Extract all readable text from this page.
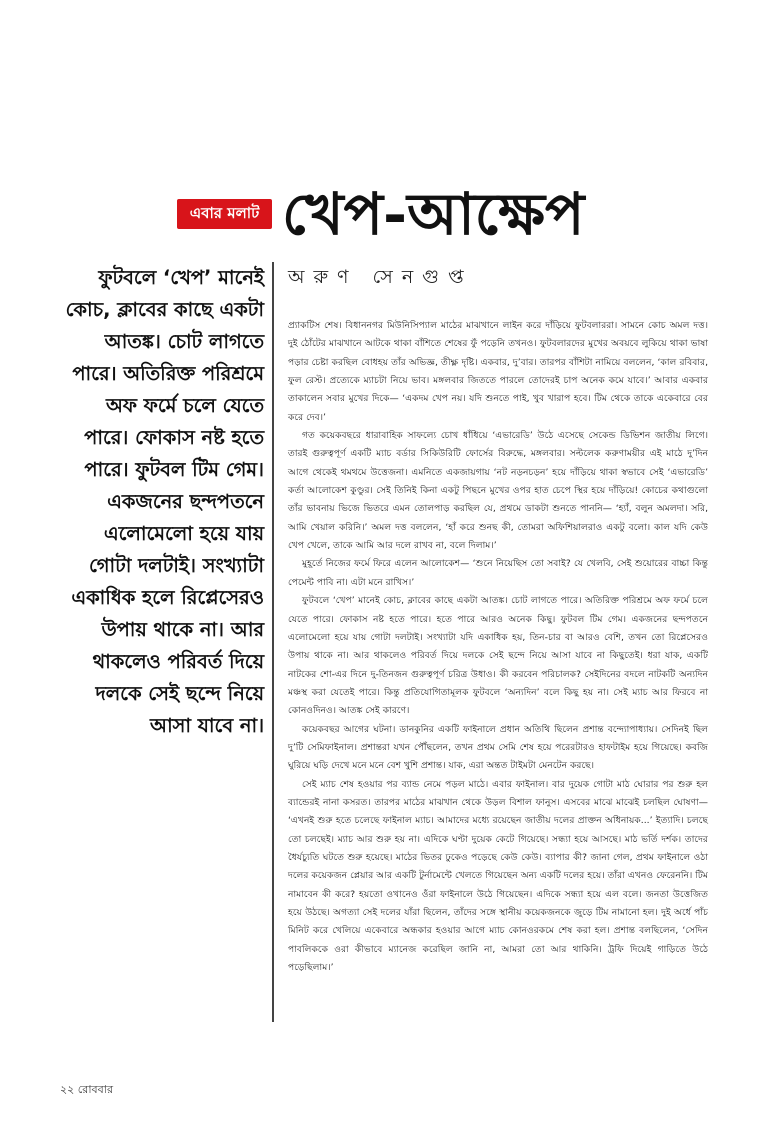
এবার মলাট খেপ-আক্ষেপ
অরুণ সেনগুপ্ত
ফুটবলে ‘খেপ’ মানেই কোচ, ক্লাবের কাছে একটা আতঙ্ক। চোট লাগতে পারে। অতিরিক্ত পরিশ্রমে অফ ফর্মে চলে যেতে পারে। ফোকাস নষ্ট হতে পারে। ফুটবল টিম গেম। একজনের ছন্দপতনে এলোমেলো হয়ে যায় গোটা দলটাই। সংখ্যাটা একাধিক হলে রিপ্লেসেরও উপায় থাকে না। আর থাকলেও পরিবর্ত দিয়ে দলকে সেই ছন্দে নিয়ে আসা যাবে না।

প্র্যাকটিস শেষ। বিধাননগর মিউনিসিপ্যাল মাঠের মাঝখানে লাইন করে দাঁড়িয়ে ফুটবলাররা। সামনে কোচ অমল দত্ত। দুই ঠোঁটের মাঝখানে আটকে থাকা বাঁশিতে শেষের ফুঁ পড়েনি তখনও। ফুটবলারদের মুখের অবয়বে লুকিয়ে থাকা ভাষা পড়ার চেষ্টা করছিল বোধহয় তাঁর অভিজ্ঞ, তীক্ষ্ণ দৃষ্টি। একবার, দু’বার। তারপর বাঁশিটা নামিয়ে বললেন, ‘কাল রবিবার, ফুল রেস্ট। প্রত্যেকে ম্যাচটা নিয়ে ভাব। মঙ্গলবার জিততে পারলে তোদেরই চাপ অনেক কমে যাবে।’ আবার একবার তাকালেন সবার মুখের দিকে— ‘একদম খেপ নয়। যদি শুনতে পাই, খুব খারাপ হবে। টিম থেকে তাকে একেবারে বের করে দেব।’

গত কয়েকবছরে ধারাবাহিক সাফল্যে চোখ ধাঁধিয়ে ‘এভারেডি’ উঠে এসেছে সেকেন্ড ডিভিশন জাতীয় লিগে। তারই গুরুত্বপূর্ণ একটি ম্যাচ বর্ডার সিকিউরিটি ফোর্সের বিরুদ্ধে, মঙ্গলবার। সল্টলেক করুণাময়ীর এই মাঠে দু’দিন আগে থেকেই থমথমে উত্তেজনা। এমনিতে একজায়গায় ‘নট নড়নচড়ন’ হয়ে দাঁড়িয়ে থাকা স্বভাবে সেই ‘এভারেডি’ কর্তা আলোকেশ কুণ্ডুর। সেই তিনিই কিনা একটু পিছনে মুখের ওপর হাত চেপে স্থির হয়ে দাঁড়িয়ে! কোচের কথাগুলো তাঁর ভাবনায় ভিজে ভিতরে এমন তোলপাড় করছিল যে, প্রথমে ডাকটা শুনতে পাননি— ‘হ্যাঁ, বলুন অমলদা। সরি, আমি খেয়াল করিনি।’ অমল দত্ত বললেন, ‘হাঁ করে শুনছ কী, তোমরা অফিশিয়ালরাও একটু বলো। কাল যদি কেউ খেপ খেলে, তাকে আমি আর দলে রাখব না, বলে দিলাম।’

মুহূর্তে নিজের ফর্মে ফিরে এলেন আলোকেশ— ‘শুনে নিয়েছিস তো সবাই? যে খেলবি, সেই শুয়োরের বাচ্চা কিন্তু পেমেন্ট পাবি না। এটা মনে রাখিস।’

ফুটবলে ‘খেপ’ মানেই কোচ, ক্লাবের কাছে একটা আতঙ্ক। চোট লাগতে পারে। অতিরিক্ত পরিশ্রমে অফ ফর্মে চলে যেতে পারে। ফোকাস নষ্ট হতে পারে। হতে পারে আরও অনেক কিছু। ফুটবল টিম গেম। একজনের ছন্দপতনে এলোমেলো হয়ে যায় গোটা দলটাই। সংখ্যাটা যদি একাধিক হয়, তিন-চার বা আরও বেশি, তখন তো রিপ্লেসেরও উপায় থাকে না। আর থাকলেও পরিবর্ত দিয়ে দলকে সেই ছন্দে নিয়ে আসা যাবে না কিছুতেই। ধরা যাক, একটি নাটকের শো-এর দিনে দু-তিনজন গুরুত্বপূর্ণ চরিত্র উধাও। কী করবেন পরিচালক? সেইদিনের বদলে নাটকটি অন্যদিন মঞ্চস্থ করা যেতেই পারে। কিন্তু প্রতিযোগিতামূলক ফুটবলে ‘অন্যদিন’ বলে কিছু হয় না। সেই ম্যাচ আর ফিরবে না কোনওদিনও। আতঙ্ক সেই কারণে।

কয়েকবছর আগের ঘটনা। ডানকুনির একটি ফাইনালে প্রধান অতিথি ছিলেন প্রশান্ত বন্দ্যোপাধ্যায়। সেদিনই ছিল দু’টি সেমিফাইনাল। প্রশান্তরা যখন পৌঁছলেন, তখন প্রথম সেমি শেষ হয়ে পরেরটারও হাফটাইম হয়ে গিয়েছে। কবজি ঘুরিয়ে ঘড়ি দেখে মনে মনে বেশ খুশি প্রশান্ত। যাক, এরা অন্তত টাইমটা মেনটেন করছে।

সেই ম্যাচ শেষ হওয়ার পর ব্যান্ড নেমে পড়ল মাঠে। এবার ফাইনাল। বার দুয়েক গোটা মাঠ ঘোরার পর শুরু হল ব্যান্ডেরই নানা কসরত। তারপর মাঠের মাঝখান থেকে উড়ল বিশাল ফানুস। এসবের মাঝে মাঝেই চলছিল ঘোষণা— ‘এখনই শুরু হতে চলেছে ফাইনাল ম্যাচ। আমাদের মধ্যে রয়েছেন জাতীয় দলের প্রাক্তন অধিনায়ক...’ ইত্যাদি। চলছে তো চলছেই। ম্যাচ আর শুরু হয় না। এদিকে ঘণ্টা দুয়েক কেটে গিয়েছে। সন্ধ্যা হয়ে আসছে। মাঠ ভর্তি দর্শক। তাদের ধৈর্যচ্যুতি ঘটতে শুরু হয়েছে। মাঠের ভিতর ঢুকেও পড়েছে কেউ কেউ। ব্যাপার কী? জানা গেল, প্রথম ফাইনালে ওঠা দলের কয়েকজন প্লেয়ার আর একটি টুর্নামেন্টে খেলতে গিয়েছেন অন্য একটি দলের হয়ে। তাঁরা এখনও ফেরেননি। টিম নামাবেন কী করে? হয়তো ওখানেও ওঁরা ফাইনালে উঠে গিয়েছেন। এদিকে সন্ধ্যা হয়ে এল বলে। জনতা উত্তেজিত হয়ে উঠছে। অগত্যা সেই দলের যাঁরা ছিলেন, তাঁদের সঙ্গে স্থানীয় কয়েকজনকে জুড়ে টিম নামানো হল। দুই অর্ধে পাঁচ মিনিট করে খেলিয়ে একেবারে অন্ধকার হওয়ার আগে ম্যাচ কোনওরকমে শেষ করা হল। প্রশান্ত বলছিলেন, ‘সেদিন পাবলিককে ওরা কীভাবে ম্যানেজ করেছিল জানি না, আমরা তো আর থাকিনি। ট্রফি দিয়েই গাড়িতে উঠে পড়েছিলাম।’

২২ রোববার
